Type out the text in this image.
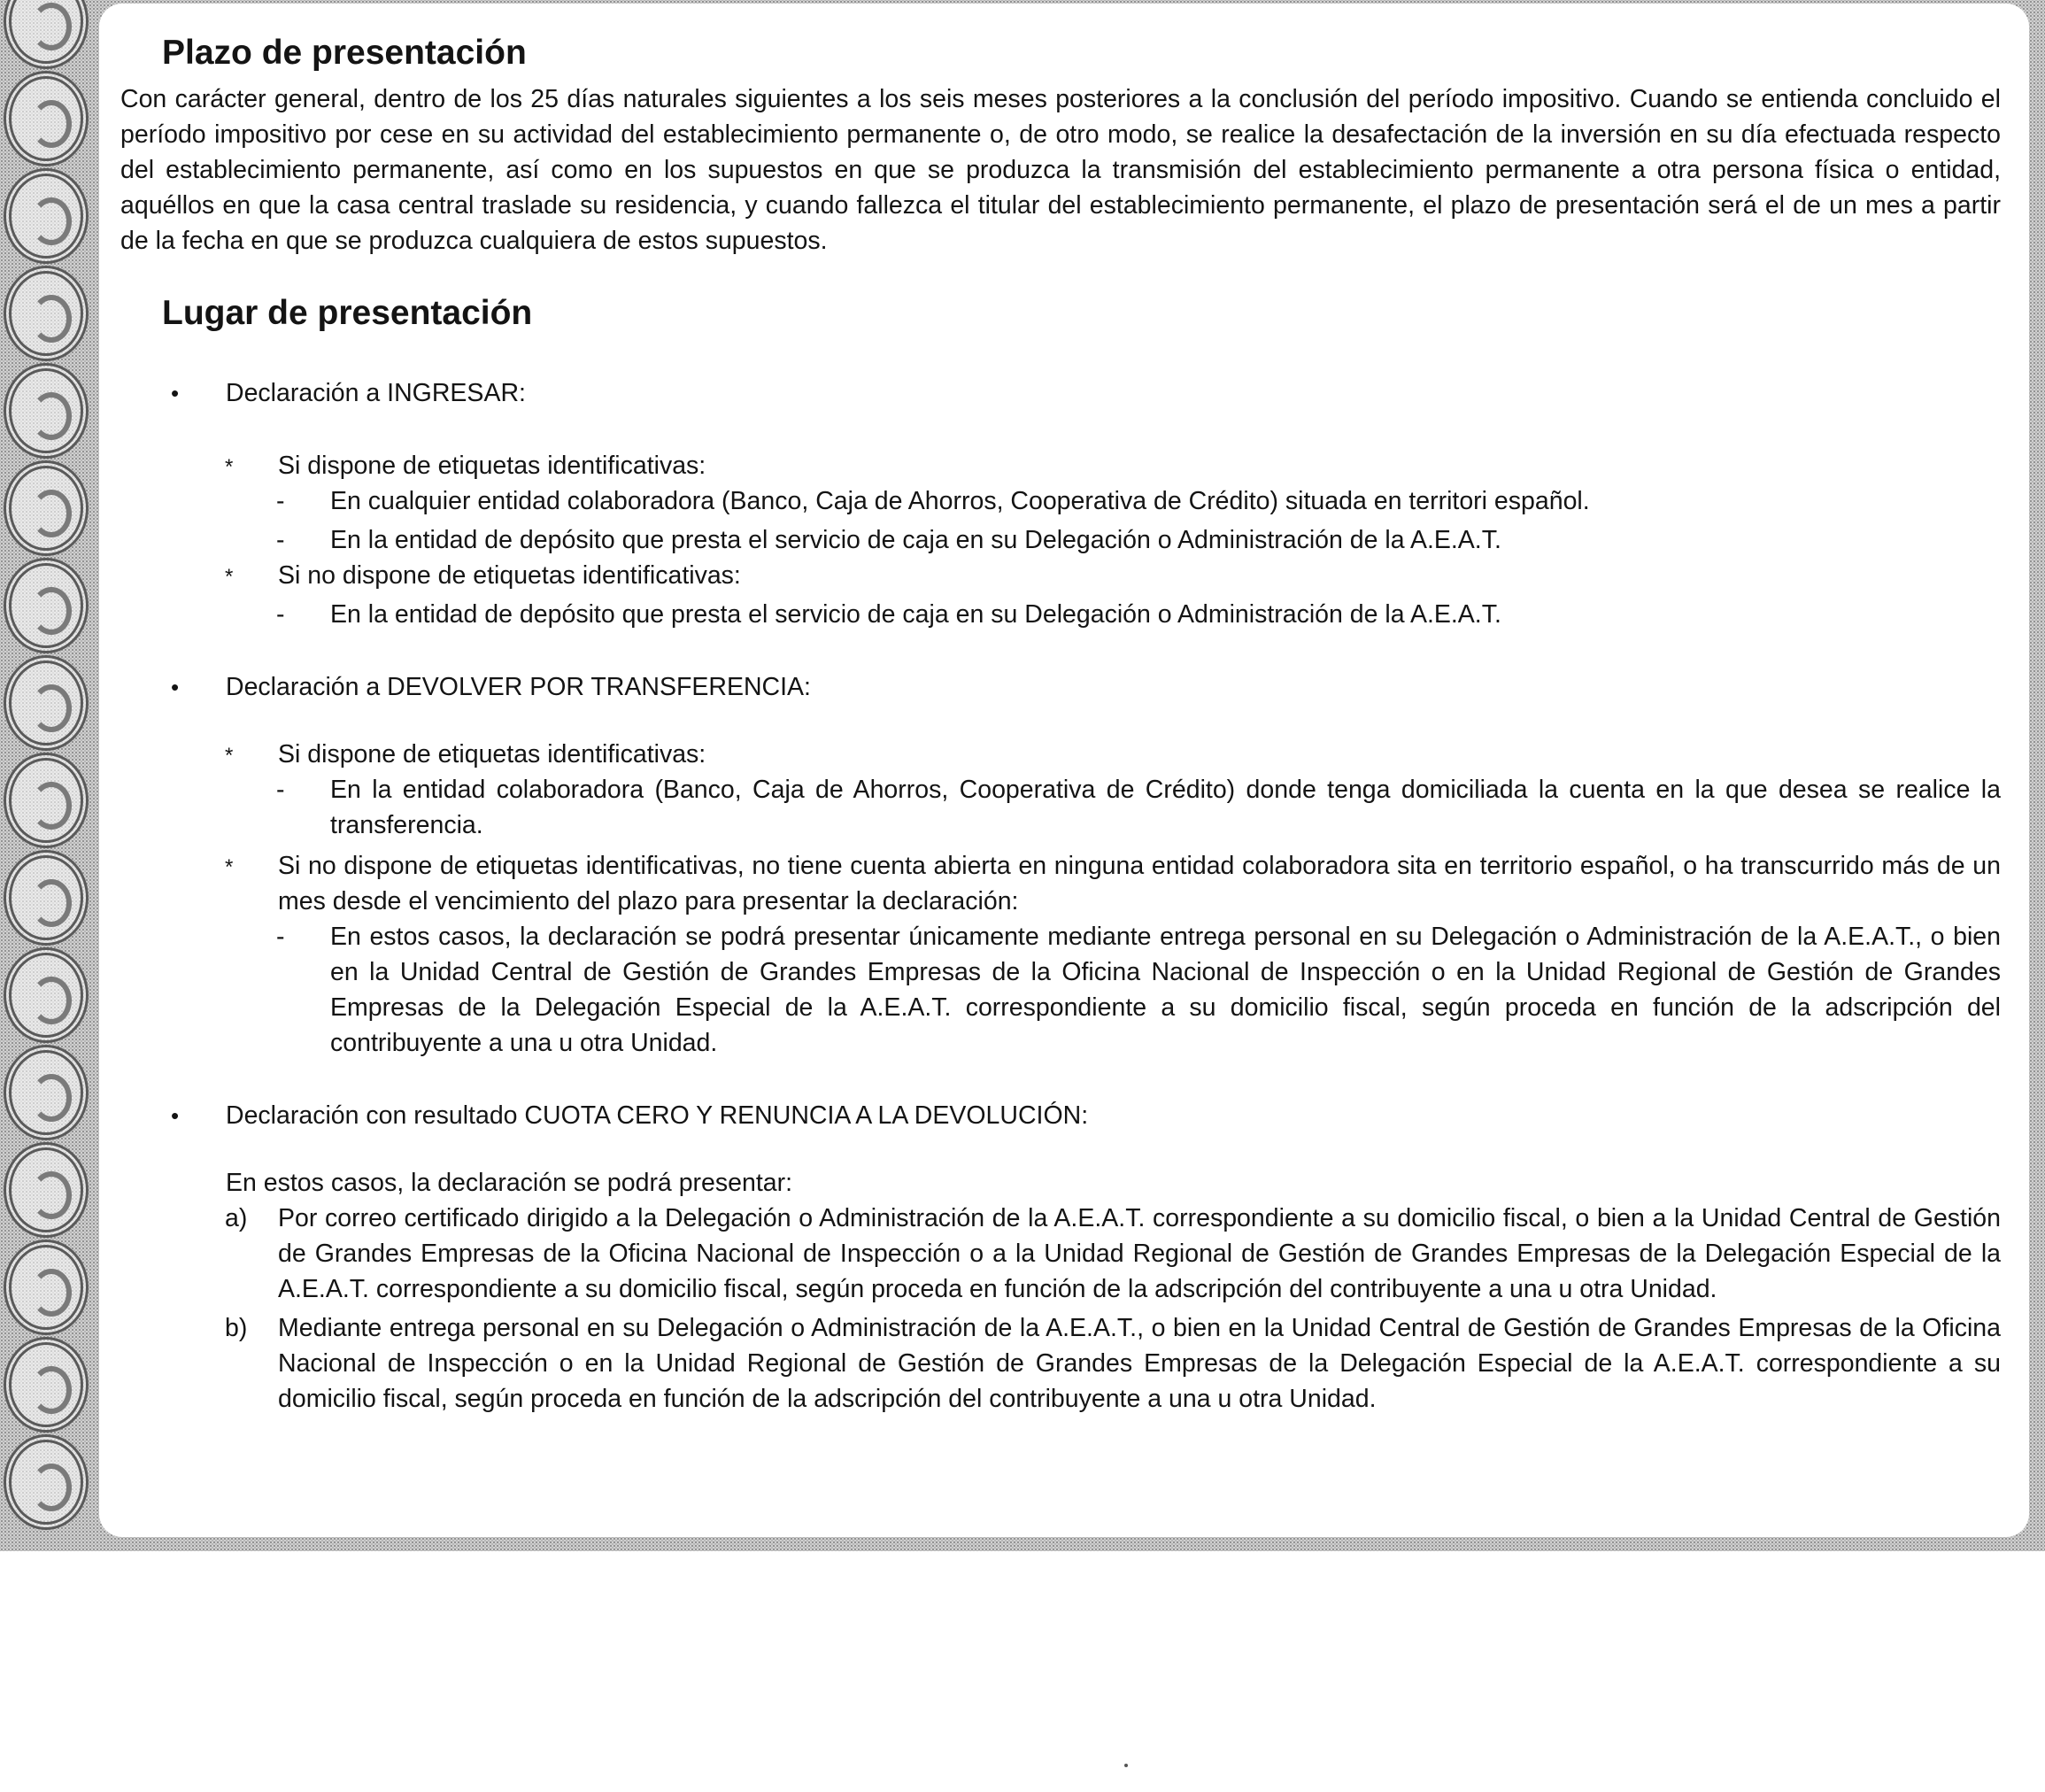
Plazo de presentación

Con carácter general, dentro de los 25 días naturales siguientes a los seis meses posteriores a la conclusión del período impositivo. Cuando se entienda concluido el período impositivo por cese en su actividad del establecimiento permanente o, de otro modo, se realice la desafectación de la inversión en su día efectuada respecto del establecimiento permanente, así como en los supuestos en que se produzca la transmisión del establecimiento permanente a otra persona física o entidad, aquéllos en que la casa central traslade su residencia, y cuando fallezca el titular del establecimiento permanente, el plazo de presentación será el de un mes a partir de la fecha en que se produzca cualquiera de estos supuestos.

Lugar de presentación
• Declaración a INGRESAR:
* Si dispone de etiquetas identificativas:
- En cualquier entidad colaboradora (Banco, Caja de Ahorros, Cooperativa de Crédito) situada en territori español.
- En la entidad de depósito que presta el servicio de caja en su Delegación o Administración de la A.E.A.T.
* Si no dispone de etiquetas identificativas:
- En la entidad de depósito que presta el servicio de caja en su Delegación o Administración de la A.E.A.T.
• Declaración a DEVOLVER POR TRANSFERENCIA:
* Si dispone de etiquetas identificativas:
- En la entidad colaboradora (Banco, Caja de Ahorros, Cooperativa de Crédito) donde tenga domiciliada la cuenta en la que desea se realice la transferencia.
* Si no dispone de etiquetas identificativas, no tiene cuenta abierta en ninguna entidad colaboradora sita en territorio español, o ha transcurrido más de un mes desde el vencimiento del plazo para presentar la declaración:
- En estos casos, la declaración se podrá presentar únicamente mediante entrega personal en su Delegación o Administración de la A.E.A.T., o bien en la Unidad Central de Gestión de Grandes Empresas de la Oficina Nacional de Inspección o en la Unidad Regional de Gestión de Grandes Empresas de la Delegación Especial de la A.E.A.T. correspondiente a su domicilio fiscal, según proceda en función de la adscripción del contribuyente a una u otra Unidad.
• Declaración con resultado CUOTA CERO Y RENUNCIA A LA DEVOLUCIÓN:
En estos casos, la declaración se podrá presentar:
a) Por correo certificado dirigido a la Delegación o Administración de la A.E.A.T. correspondiente a su domicilio fiscal, o bien a la Unidad Central de Gestión de Grandes Empresas de la Oficina Nacional de Inspección o a la Unidad Regional de Gestión de Grandes Empresas de la Delegación Especial de la A.E.A.T. correspondiente a su domicilio fiscal, según proceda en función de la adscripción del contribuyente a una u otra Unidad.
b) Mediante entrega personal en su Delegación o Administración de la A.E.A.T., o bien en la Unidad Central de Gestión de Grandes Empresas de la Oficina Nacional de Inspección o en la Unidad Regional de Gestión de Grandes Empresas de la Delegación Especial de la A.E.A.T. correspondiente a su domicilio fiscal, según proceda en función de la adscripción del contribuyente a una u otra Unidad.
